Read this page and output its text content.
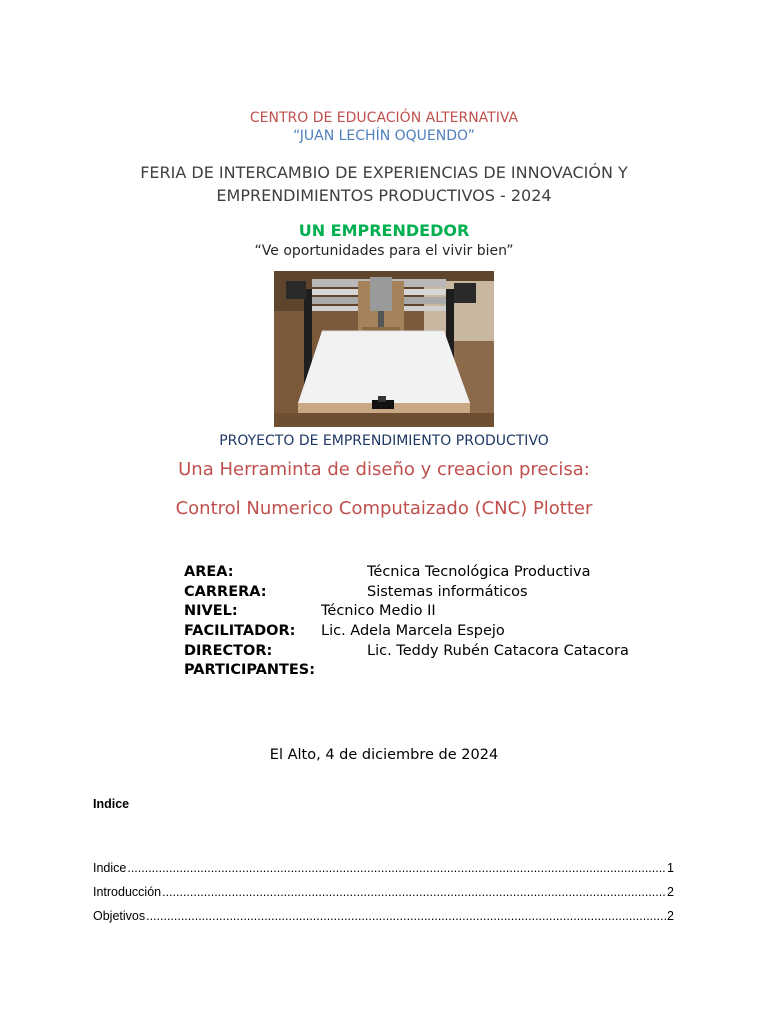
CENTRO DE EDUCACIÓN ALTERNATIVA
“JUAN LECHÍN OQUENDO”
FERIA DE INTERCAMBIO DE EXPERIENCIAS DE INNOVACIÓN Y
EMPRENDIMIENTOS PRODUCTIVOS - 2024
UN EMPRENDEDOR
“Ve oportunidades para el vivir bien”
PROYECTO DE EMPRENDIMIENTO PRODUCTIVO
Una Herraminta de diseño y creacion precisa:
Control Numerico Computaizado (CNC) Plotter
AREA:	Técnica Tecnológica Productiva
CARRERA:	Sistemas informáticos
NIVEL:	Técnico Medio II
FACILITADOR: Lic. Adela Marcela Espejo
DIRECTOR:	Lic. Teddy Rubén Catacora Catacora
PARTICIPANTES:
El Alto, 4 de diciembre de 2024
Indice
Indice .....	1
Introducción .....	2
Objetivos .....	2
